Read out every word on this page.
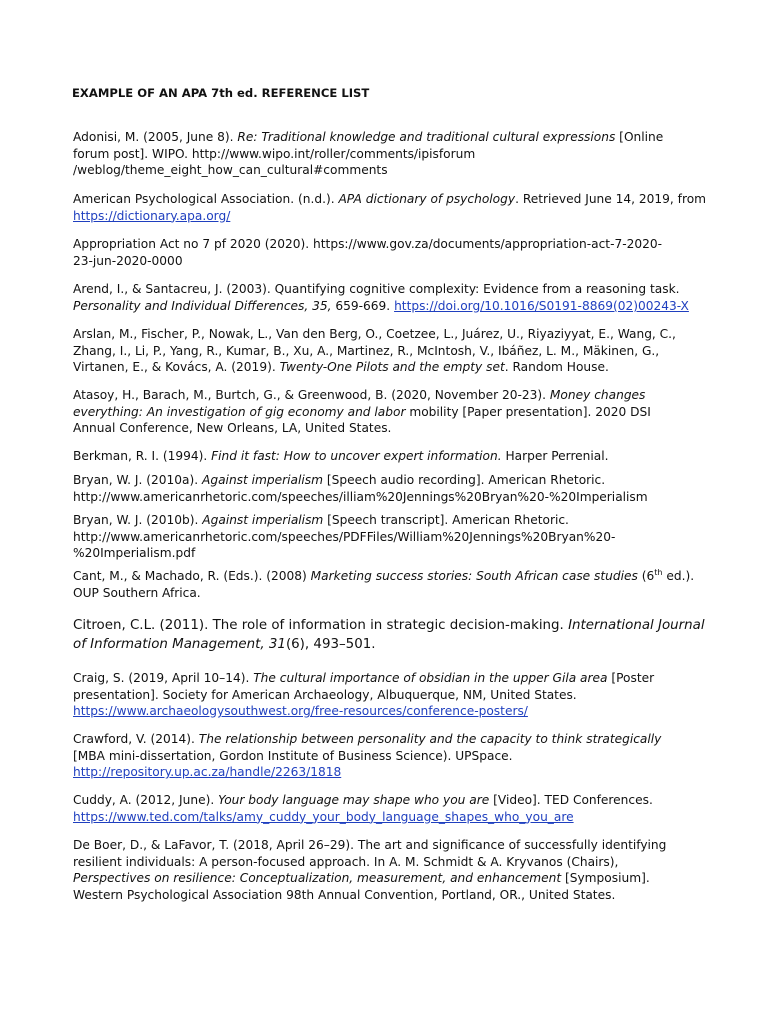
EXAMPLE OF AN APA 7th ed. REFERENCE LIST
Adonisi, M. (2005, June 8). Re: Traditional knowledge and traditional cultural expressions [Online
forum post]. WIPO. http://www.wipo.int/roller/comments/ipisforum
/weblog/theme_eight_how_can_cultural#comments
American Psychological Association. (n.d.). APA dictionary of psychology. Retrieved June 14, 2019, from
https://dictionary.apa.org/
Appropriation Act no 7 pf 2020 (2020). https://www.gov.za/documents/appropriation-act-7-2020-
23-jun-2020-0000
Arend, I., & Santacreu, J. (2003). Quantifying cognitive complexity: Evidence from a reasoning task.
Personality and Individual Differences, 35, 659-669. https://doi.org/10.1016/S0191-8869(02)00243-X
Arslan, M., Fischer, P., Nowak, L., Van den Berg, O., Coetzee, L., Juárez, U., Riyaziyyat, E., Wang, C.,
Zhang, I., Li, P., Yang, R., Kumar, B., Xu, A., Martinez, R., McIntosh, V., Ibáñez, L. M., Mäkinen, G.,
Virtanen, E., & Kovács, A. (2019). Twenty-One Pilots and the empty set. Random House.
Atasoy, H., Barach, M., Burtch, G., & Greenwood, B. (2020, November 20-23). Money changes
everything: An investigation of gig economy and labor mobility [Paper presentation]. 2020 DSI
Annual Conference, New Orleans, LA, United States.
Berkman, R. I. (1994). Find it fast: How to uncover expert information. Harper Perrenial.
Bryan, W. J. (2010a). Against imperialism [Speech audio recording]. American Rhetoric.
http://www.americanrhetoric.com/speeches/illiam%20Jennings%20Bryan%20-%20Imperialism
Bryan, W. J. (2010b). Against imperialism [Speech transcript]. American Rhetoric.
http://www.americanrhetoric.com/speeches/PDFFiles/William%20Jennings%20Bryan%20-
%20Imperialism.pdf
Cant, M., & Machado, R. (Eds.). (2008) Marketing success stories: South African case studies (6th ed.).
OUP Southern Africa.
Citroen, C.L. (2011). The role of information in strategic decision-making. International Journal
of Information Management, 31(6), 493–501.
Craig, S. (2019, April 10–14). The cultural importance of obsidian in the upper Gila area [Poster
presentation]. Society for American Archaeology, Albuquerque, NM, United States.
https://www.archaeologysouthwest.org/free-resources/conference-posters/
Crawford, V. (2014). The relationship between personality and the capacity to think strategically
[MBA mini-dissertation, Gordon Institute of Business Science). UPSpace.
http://repository.up.ac.za/handle/2263/1818
Cuddy, A. (2012, June). Your body language may shape who you are [Video]. TED Conferences.
https://www.ted.com/talks/amy_cuddy_your_body_language_shapes_who_you_are
De Boer, D., & LaFavor, T. (2018, April 26–29). The art and significance of successfully identifying
resilient individuals: A person-focused approach. In A. M. Schmidt & A. Kryvanos (Chairs),
Perspectives on resilience: Conceptualization, measurement, and enhancement [Symposium].
Western Psychological Association 98th Annual Convention, Portland, OR., United States.
